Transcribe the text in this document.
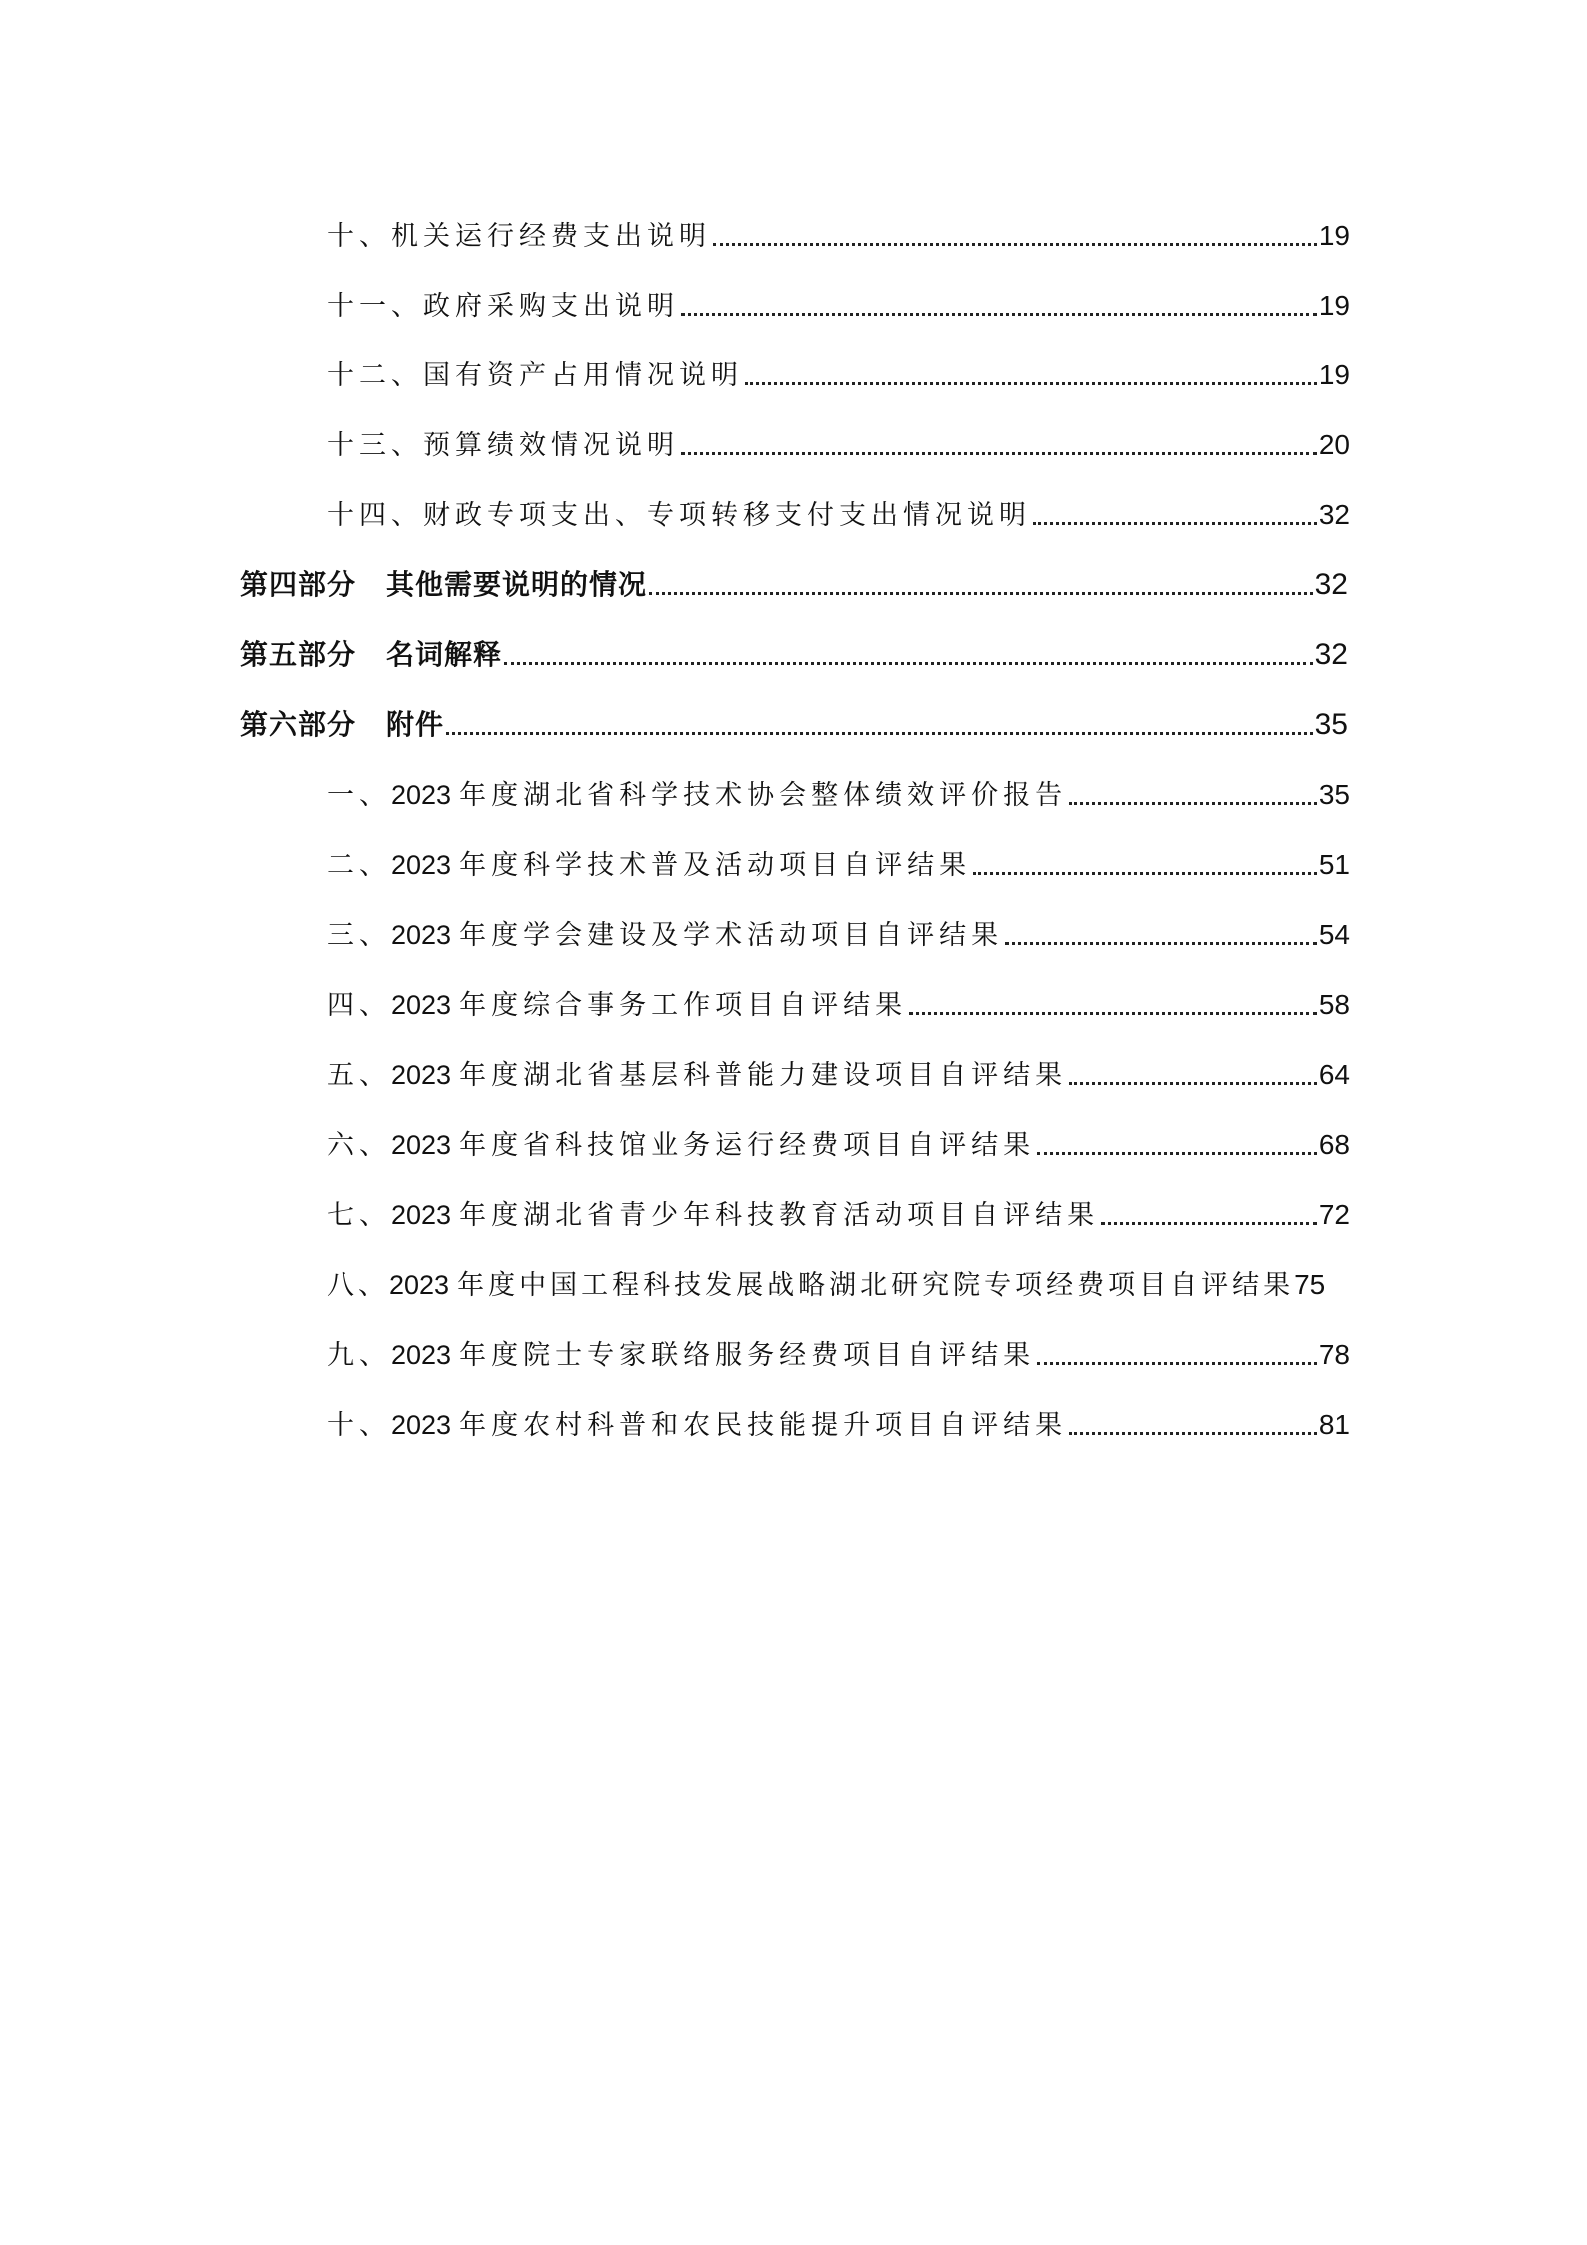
十、机关运行经费支出说明	19
十一、政府采购支出说明	19
十二、国有资产占用情况说明	19
十三、预算绩效情况说明	20
十四、财政专项支出、专项转移支付支出情况说明	32
第四部分 其他需要说明的情况	32
第五部分 名词解释	32
第六部分 附件	35
一、 2023 年度湖北省科学技术协会整体绩效评价报告	35
二、 2023 年度科学技术普及活动项目自评结果	51
三、 2023 年度学会建设及学术活动项目自评结果	54
四、 2023 年度综合事务工作项目自评结果	58
五、 2023 年度湖北省基层科普能力建设项目自评结果	64
六、 2023 年度省科技馆业务运行经费项目自评结果	68
七、 2023 年度湖北省青少年科技教育活动项目自评结果	72
八、 2023 年度中国工程科技发展战略湖北研究院专项经费项目自评结果 75
九、 2023 年度院士专家联络服务经费项目自评结果	78
十、 2023 年度农村科普和农民技能提升项目自评结果	81
